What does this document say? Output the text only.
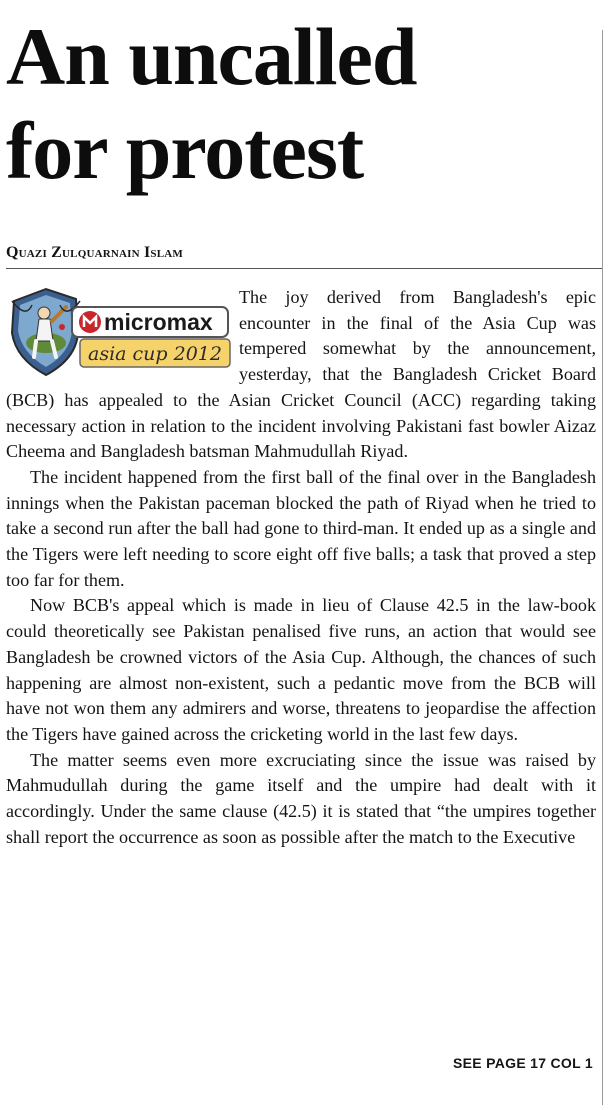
An uncalled
for protest
Quazi Zulquarnain Islam
micromax
asia cup 2012

The joy derived from Bangladesh's epic encounter in the final of the Asia Cup was tempered somewhat by the announcement, yesterday, that the Bangladesh Cricket Board (BCB) has appealed to the Asian Cricket Council (ACC) regarding taking necessary action in relation to the incident involving Pakistani fast bowler Aizaz Cheema and Bangladesh batsman Mahmudullah Riyad.

The incident happened from the first ball of the final over in the Bangladesh innings when the Pakistan paceman blocked the path of Riyad when he tried to take a second run after the ball had gone to third-man. It ended up as a single and the Tigers were left needing to score eight off five balls; a task that proved a step too far for them.

Now BCB's appeal which is made in lieu of Clause 42.5 in the law-book could theoretically see Pakistan penalised five runs, an action that would see Bangladesh be crowned victors of the Asia Cup. Although, the chances of such happening are almost non-existent, such a pedantic move from the BCB will have not won them any admirers and worse, threatens to jeopardise the affection the Tigers have gained across the cricketing world in the last few days.

The matter seems even more excruciating since the issue was raised by Mahmudullah during the game itself and the umpire had dealt with it accordingly. Under the same clause (42.5) it is stated that “the umpires together shall report the occurrence as soon as possible after the match to the Executive

SEE PAGE 17 COL 1
